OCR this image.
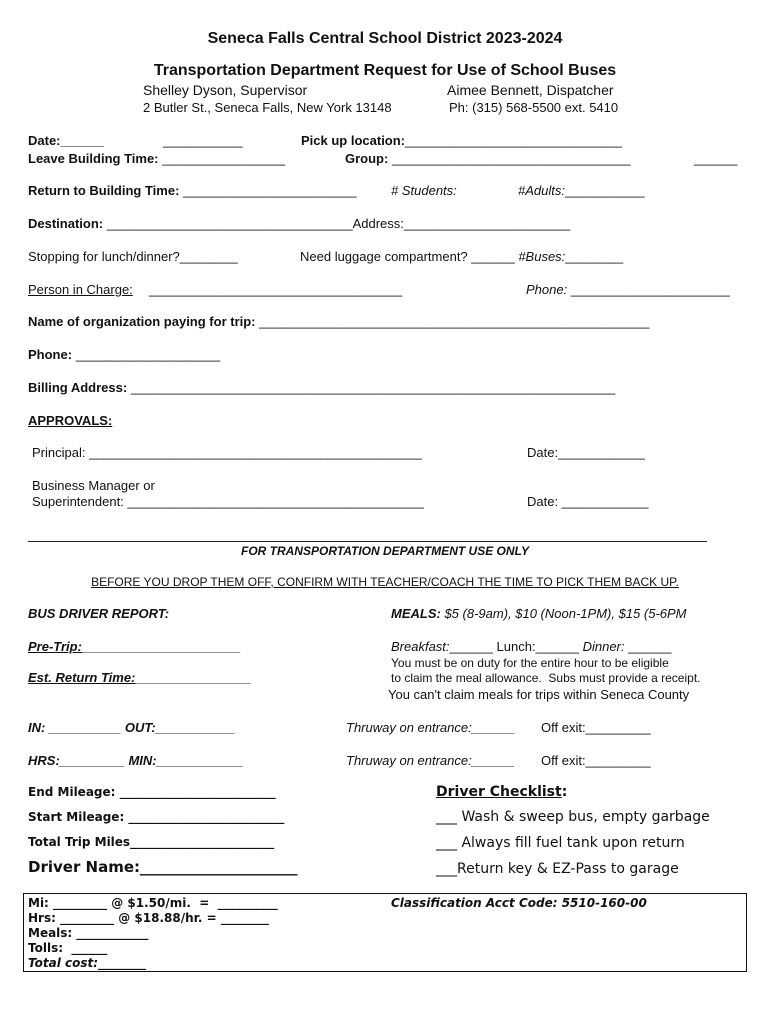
Seneca Falls Central School District 2023-2024
Transportation Department Request for Use of School Buses
Shelley Dyson, Supervisor	Aimee Bennett, Dispatcher
2 Butler St., Seneca Falls, New York 13148	Ph: (315) 568-5500 ext. 5410
Date:______	___________	Pick up location:______________________________
Leave Building Time: _________________	Group: _________________________________	______
Return to Building Time: ________________________	# Students:	#Adults:___________
Destination: __________________________________Address:_______________________
Stopping for lunch/dinner?________	Need luggage compartment? ______ #Buses:________
Person in Charge: ___________________________________	Phone: ______________________
Name of organization paying for trip: ______________________________________________________
Phone: ____________________
Billing Address: ___________________________________________________________________
APPROVALS:
Principal: ______________________________________________	Date:____________
Business Manager or
Superintendent: _________________________________________	Date: ____________
FOR TRANSPORTATION DEPARTMENT USE ONLY
BEFORE YOU DROP THEM OFF, CONFIRM WITH TEACHER/COACH THE TIME TO PICK THEM BACK UP.
BUS DRIVER REPORT:	MEALS: $5 (8-9am), $10 (Noon-1PM), $15 (5-6PM
Pre-Trip:______________________	Breakfast:______ Lunch:______ Dinner: ______
You must be on duty for the entire hour to be eligible
to claim the meal allowance.  Subs must provide a receipt.
You can't claim meals for trips within Seneca County
Est. Return Time:________________
IN: __________ OUT:___________	Thruway on entrance:______ Off exit:_________
HRS:_________ MIN:____________	Thruway on entrance:______ Off exit:_________
End Mileage: __________________________
Start Mileage: __________________________
Total Trip Miles________________________
Driver Name:_____________________
Driver Checklist:
___ Wash & sweep bus, empty garbage
___ Always fill fuel tank upon return
___Return key & EZ-Pass to garage
Mi: _________ @ $1.50/mi.  =  __________
Hrs: _________ @ $18.88/hr. = ________
Meals: ____________
Tolls:  ______
Total cost:________
Classification Acct Code: 5510-160-00
